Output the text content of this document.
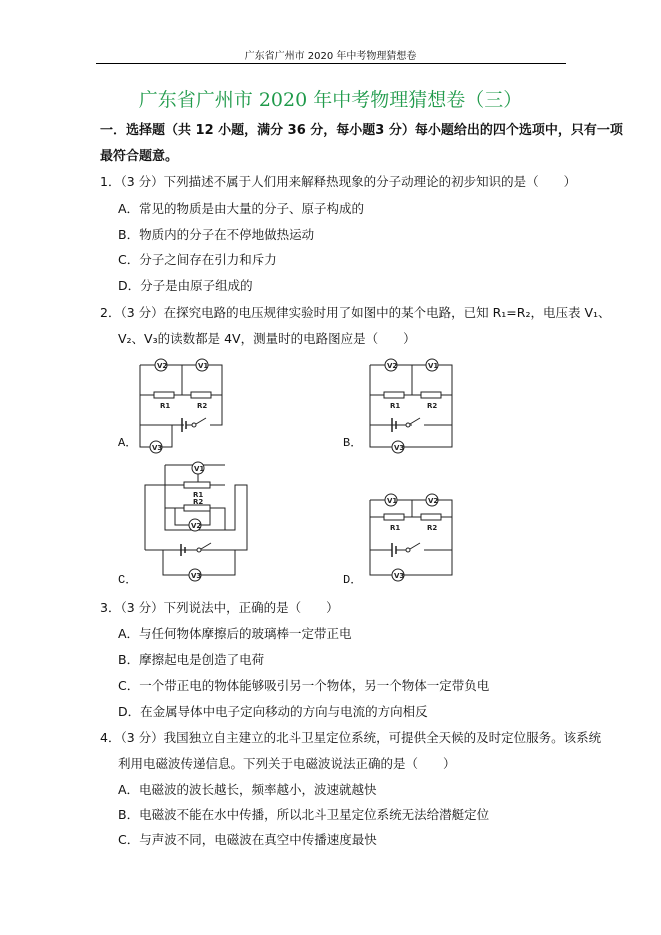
广东省广州市 2020 年中考物理猜想卷
广东省广州市 2020 年中考物理猜想卷（三）
一．选择题（共 12 小题，满分 36 分，每小题3 分）每小题给出的四个选项中，只有一项
最符合题意。
1．（3 分）下列描述不属于人们用来解释热现象的分子动理论的初步知识的是（　　）
A．常见的物质是由大量的分子、原子构成的
B．物质内的分子在不停地做热运动
C．分子之间存在引力和斥力
D．分子是由原子组成的
2．（3 分）在探究电路的电压规律实验时用了如图中的某个电路，已知 R₁=R₂，电压表 V₁、
V₂、V₃的读数都是 4V，测量时的电路图应是（　　）
A．	B．
C．	D．
V2	V1
V3
R1	R2
V2	V1
V3
R1	R2
V1
V2
V3
R1
R2	V1	V2
V3
R1	R2
3．（3 分）下列说法中，正确的是（　　）
A．与任何物体摩擦后的玻璃棒一定带正电
B．摩擦起电是创造了电荷
C．一个带正电的物体能够吸引另一个物体，另一个物体一定带负电
D．在金属导体中电子定向移动的方向与电流的方向相反
4．（3 分）我国独立自主建立的北斗卫星定位系统，可提供全天候的及时定位服务。该系统
利用电磁波传递信息。下列关于电磁波说法正确的是（　　）
A．电磁波的波长越长，频率越小，波速就越快
B．电磁波不能在水中传播，所以北斗卫星定位系统无法给潜艇定位
C．与声波不同，电磁波在真空中传播速度最快
